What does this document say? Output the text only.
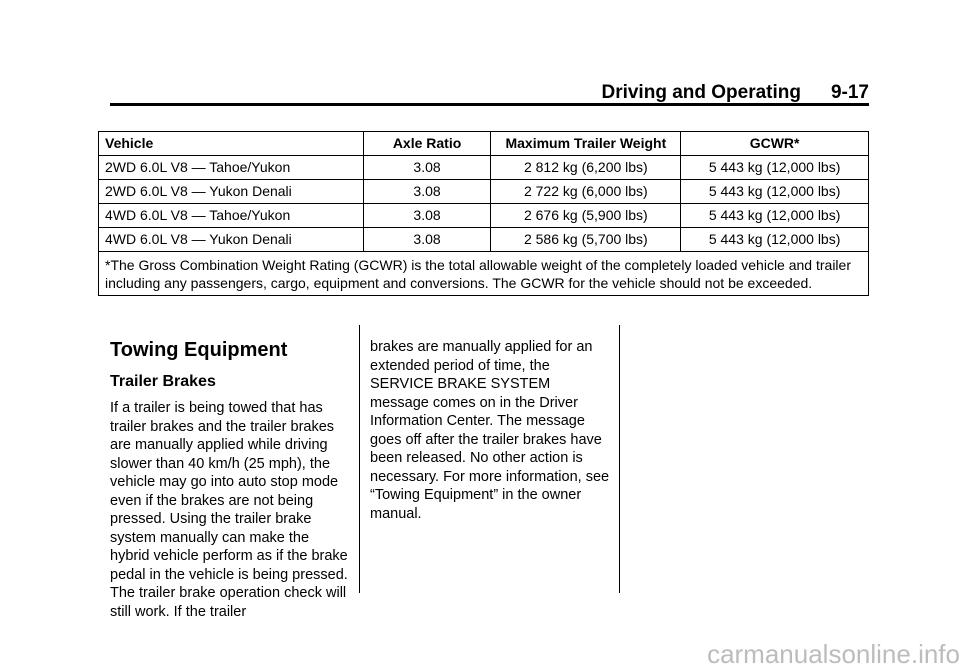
Driving and Operating 9-17
Vehicle	Axle Ratio	Maximum Trailer Weight	GCWR*
2WD 6.0L V8 — Tahoe/Yukon	3.08	2 812 kg (6,200 lbs)	5 443 kg (12,000 lbs)
2WD 6.0L V8 — Yukon Denali	3.08	2 722 kg (6,000 lbs)	5 443 kg (12,000 lbs)
4WD 6.0L V8 — Tahoe/Yukon	3.08	2 676 kg (5,900 lbs)	5 443 kg (12,000 lbs)
4WD 6.0L V8 — Yukon Denali	3.08	2 586 kg (5,700 lbs)	5 443 kg (12,000 lbs)
*The Gross Combination Weight Rating (GCWR) is the total allowable weight of the completely loaded vehicle and trailer including any passengers, cargo, equipment and conversions. The GCWR for the vehicle should not be exceeded.			
Towing Equipment
Trailer Brakes

If a trailer is being towed that has trailer brakes and the trailer brakes are manually applied while driving slower than 40 km/h (25 mph), the vehicle may go into auto stop mode even if the brakes are not being pressed. Using the trailer brake system manually can make the hybrid vehicle perform as if the brake pedal in the vehicle is being pressed. The trailer brake operation check will still work. If the trailer

brakes are manually applied for an extended period of time, the SERVICE BRAKE SYSTEM message comes on in the Driver Information Center. The message goes off after the trailer brakes have been released. No other action is necessary. For more information, see “Towing Equipment” in the owner manual.

carmanualsonline.info
